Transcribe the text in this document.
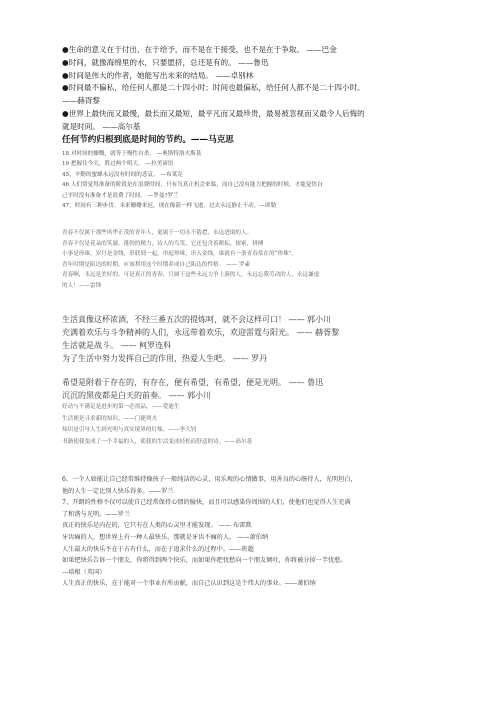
●生命的意义在于付出，在于给予，而不是在于接受，也不是在于争取。 ——巴金
●时间，就像海绵里的水，只要愿挤，总还是有的。 ——鲁迅
●时间是伟大的作者，她能写出未来的结局。 ——卓别林
●时间最不偏私，给任何人都是二十四小时；时间也最偏私，给任何人都不是二十四小时。
——赫胥黎
●世界上最快而又最慢，最长而又最短，最平凡而又最珍贵，最易被忽视而又最令人后悔的
就是时间。 ——高尔基
任何节约归根到底是时间的节约。——马克思
18 对时间的慷慨，就等于慢性自杀。 —奥斯特洛夫斯基
19 把握住今天，胜过两个明天。 —拉美谚语
45、辛勤的蜜蜂永远没有时间的悲哀。 —布莱克
46 人们常觉得准备的阶段是在浪费时间，只有当真正机会来临，而自己没有能力把握的时候，才能觉悟自
己平时没有准备才是浪费了时间。 —罗曼?罗兰
47、时间有三种步伐：未来姗姗来迟，现在像箭一样飞逝，过去永远静止不动。—席勒
青春不仅属于那些风华正茂的青年人，更属于一切永不倦怠、永远进取的人。
青春不仅是花朵的笑靥，蓬勃的精力，诗人的鸟笑，它还包含着耕耘，探索，拼搏
小事是珍珠，岁月是金线，串联到一起，串起珍珠，串入金线。谁就有一条青春常在的“珍珠”。
青年时期是陷达的时期，应该利用这个时期养成自己陷达的性格。 —— 罗素
青春啊，永远是美好的，可是真正的青春，只属于这些永远力争上游的人，永远忘我劳动的人，永远谦虚
的人！——雷锋
生活真像这杯浓酒，不经三番五次的提炼呵，就不会这样可口！ —— 郭小川
充满着欢乐与斗争精神的人们，永远带着欢乐，欢迎雷霆与阳光。 —— 赫胥黎
生活就是战斗。 —— 柯罗连科
为了生活中努力发挥自己的作用，热爱人生吧。 —— 罗丹
希望是附着于存在的，有存在，便有希望，有希望，便是光明。 —— 鲁迅
沉沉的黑夜都是白天的前奏。 —— 郭小川
好动与不满足是进步的第一必需品。——爱迪生
生活便是寻求新的知识。——门捷列夫
知识是引导人生到光明与真实境界的灯烛。——李大钊
书籍使我变成了一个幸福的人，使我的生活变成轻松而舒适的诗。——高尔基
6、一个人如能让自己经常维持像孩子一般纯洁的心灵，用乐观的心情做事，用善良的心肠待人，光明坦白，
他的人生一定比别人快乐得多。——罗兰
7、开朗的性格不仅可以使自己经常保持心情的愉快，而且可以感染你周围的人们，使他们也觉得人生充满
了和谐与光明。——罗兰
真正的快乐是内在的，它只有在人类的心灵里才能发现。 —— 布雷默
牙齿痛的人，想世界上有一种人最快乐，那就是牙齿不痛的人。 ——萧伯纳
人生最大的快乐不在于占有什么，而在于追求什么的过程中。——班超
如果把快乐告诉一个朋友，你将得到两个快乐，而如果你把忧愁向一个朋友倾吐，你将被分掉一半忧愁。
---培根（英国）
人生真正的快乐，在于能对一个事业有所贡献，而自己认识到这是个伟大的事业。——萧伯纳
